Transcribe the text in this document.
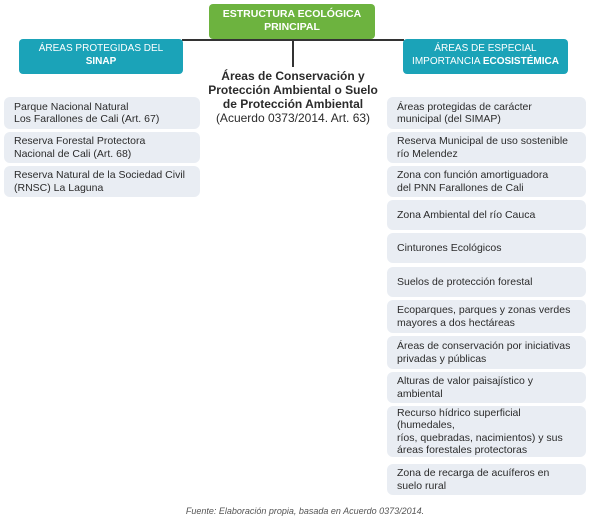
ESTRUCTURA ECOLÓGICA
PRINCIPAL
ÁREAS PROTEGIDAS DEL
SINAP
ÁREAS DE ESPECIAL
IMPORTANCIA ECOSISTÉMICA
Áreas de Conservación y
Protección Ambiental o Suelo
de Protección Ambiental
(Acuerdo 0373/2014. Art. 63)
Parque Nacional Natural
Los Farallones de Cali (Art. 67)
Reserva Forestal Protectora
Nacional de Cali (Art. 68)
Reserva Natural de la Sociedad Civil
(RNSC) La Laguna
Áreas protegidas de carácter
municipal (del SIMAP)
Reserva Municipal de uso sostenible
río Melendez
Zona con función amortiguadora
del PNN Farallones de Cali
Zona Ambiental del río Cauca
Cinturones Ecológicos
Suelos de protección forestal
Ecoparques, parques y zonas verdes
mayores a dos hectáreas
Áreas de conservación por iniciativas
privadas y públicas
Alturas de valor paisajístico y
ambiental
Recurso hídrico superficial (humedales,
ríos, quebradas, nacimientos) y sus
áreas forestales protectoras
Zona de recarga de acuíferos en
suelo rural
Fuente: Elaboración propia, basada en Acuerdo 0373/2014.
